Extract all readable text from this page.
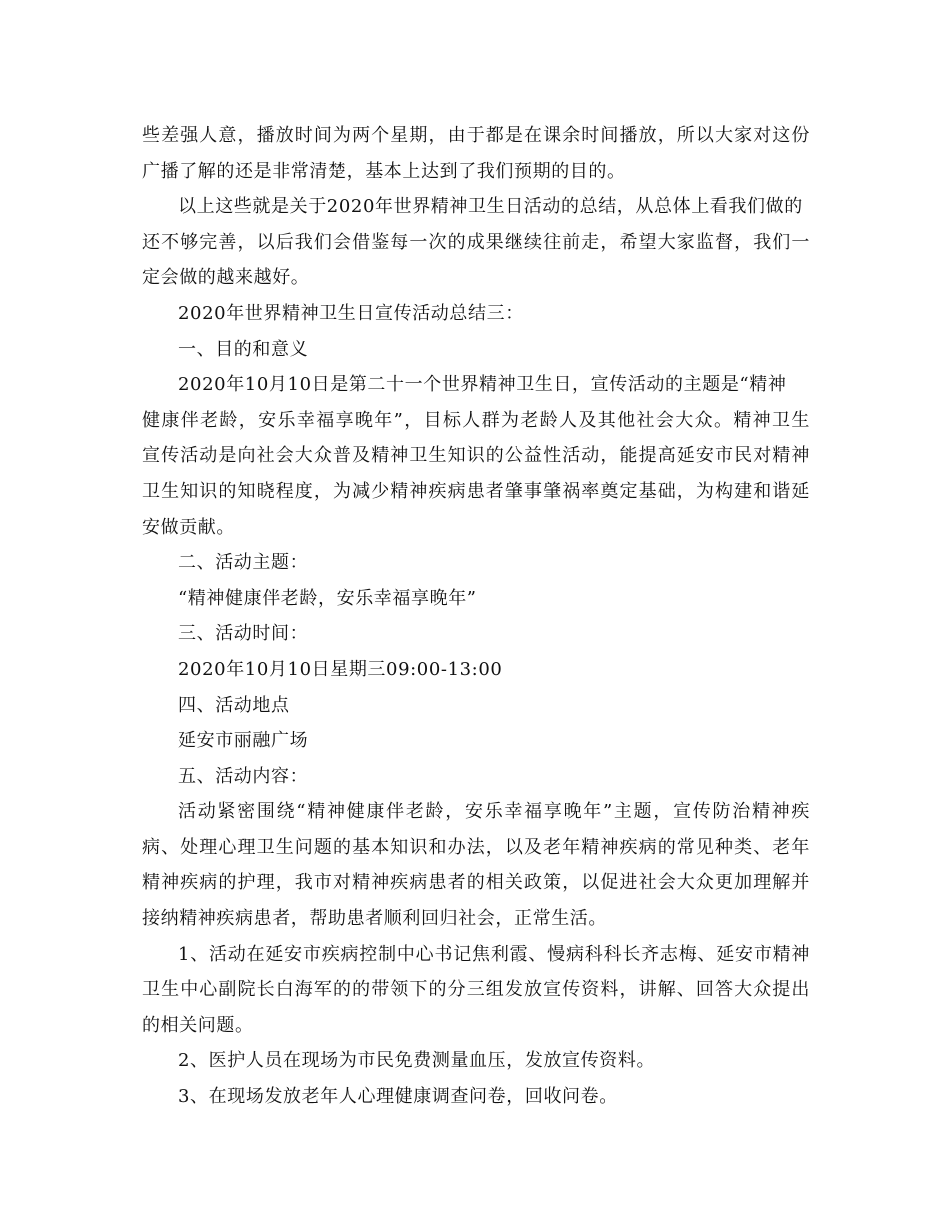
些差强人意，播放时间为两个星期，由于都是在课余时间播放，所以大家对这份
广播了解的还是非常清楚，基本上达到了我们预期的目的。
以上这些就是关于2020年世界精神卫生日活动的总结，从总体上看我们做的
还不够完善，以后我们会借鉴每一次的成果继续往前走，希望大家监督，我们一
定会做的越来越好。
2020年世界精神卫生日宣传活动总结三：
一、目的和意义
2020年10月10日是第二十一个世界精神卫生日，宣传活动的主题是“精神
健康伴老龄，安乐幸福享晚年”，目标人群为老龄人及其他社会大众。精神卫生
宣传活动是向社会大众普及精神卫生知识的公益性活动，能提高延安市民对精神
卫生知识的知晓程度，为减少精神疾病患者肇事肇祸率奠定基础，为构建和谐延
安做贡献。
二、活动主题：
“精神健康伴老龄，安乐幸福享晚年”
三、活动时间：
2020年10月10日星期三09:00-13:00
四、活动地点
延安市丽融广场
五、活动内容：
活动紧密围绕“精神健康伴老龄，安乐幸福享晚年”主题，宣传防治精神疾
病、处理心理卫生问题的基本知识和办法，以及老年精神疾病的常见种类、老年
精神疾病的护理，我市对精神疾病患者的相关政策，以促进社会大众更加理解并
接纳精神疾病患者，帮助患者顺利回归社会，正常生活。
1、活动在延安市疾病控制中心书记焦利霞、慢病科科长齐志梅、延安市精神
卫生中心副院长白海军的的带领下的分三组发放宣传资料，讲解、回答大众提出
的相关问题。
2、医护人员在现场为市民免费测量血压，发放宣传资料。
3、在现场发放老年人心理健康调查问卷，回收问卷。
